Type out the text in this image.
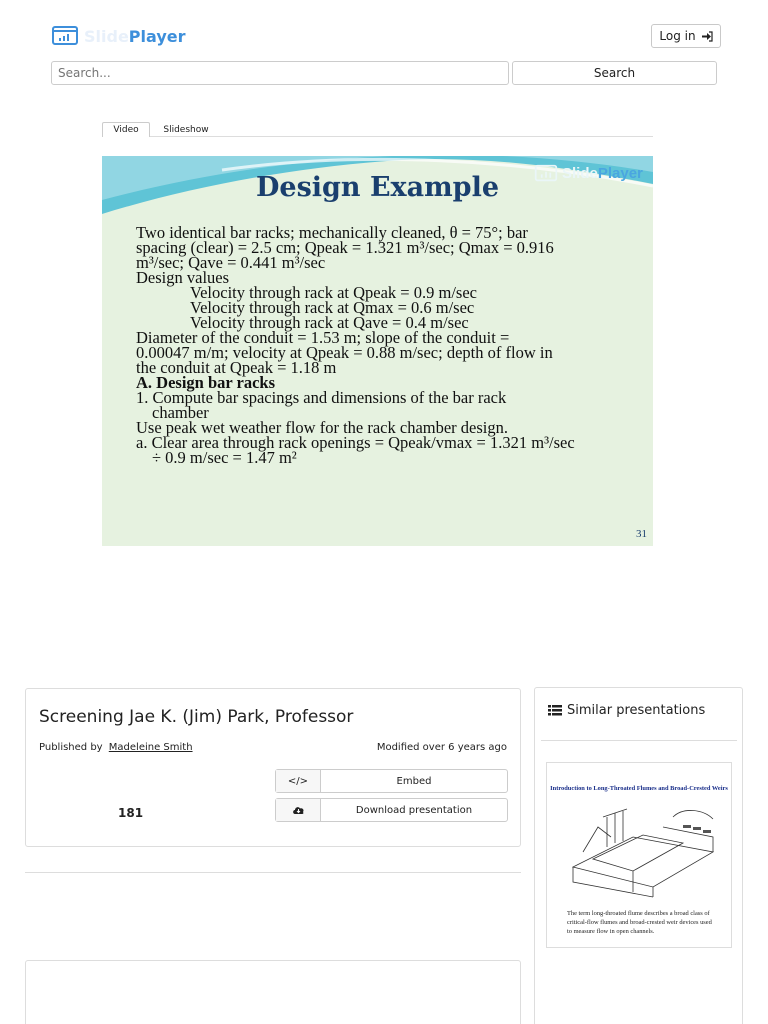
Slide Player	Log in
Search...
Search
Video	Slideshow
Design Example	Slide Player
Two identical bar racks; mechanically cleaned, θ = 75°; bar
spacing (clear) = 2.5 cm; Qpeak = 1.321 m³/sec; Qmax = 0.916
m³/sec; Qave = 0.441 m³/sec
Design values
Velocity through rack at Qpeak = 0.9 m/sec
Velocity through rack at Qmax = 0.6 m/sec
Velocity through rack at Qave = 0.4 m/sec
Diameter of the conduit = 1.53 m; slope of the conduit =
0.00047 m/m; velocity at Qpeak = 0.88 m/sec; depth of flow in
the conduit at Qpeak = 1.18 m
A. Design bar racks
1. Compute bar spacings and dimensions of the bar rack
chamber
Use peak wet weather flow for the rack chamber design.
a. Clear area through rack openings = Qpeak/vmax = 1.321 m³/sec
÷ 0.9 m/sec = 1.47 m²
31
Screening Jae K. (Jim) Park, Professor
Published by Madeleine Smith	Modified over 6 years ago
181
</>	Embed
Download presentation
Similar presentations
Introduction to Long-Throated Flumes and Broad-Crested Weirs
The term long-throated flume describes a broad class of critical-flow flumes and broad-crested weir devices used to measure flow in open channels.
